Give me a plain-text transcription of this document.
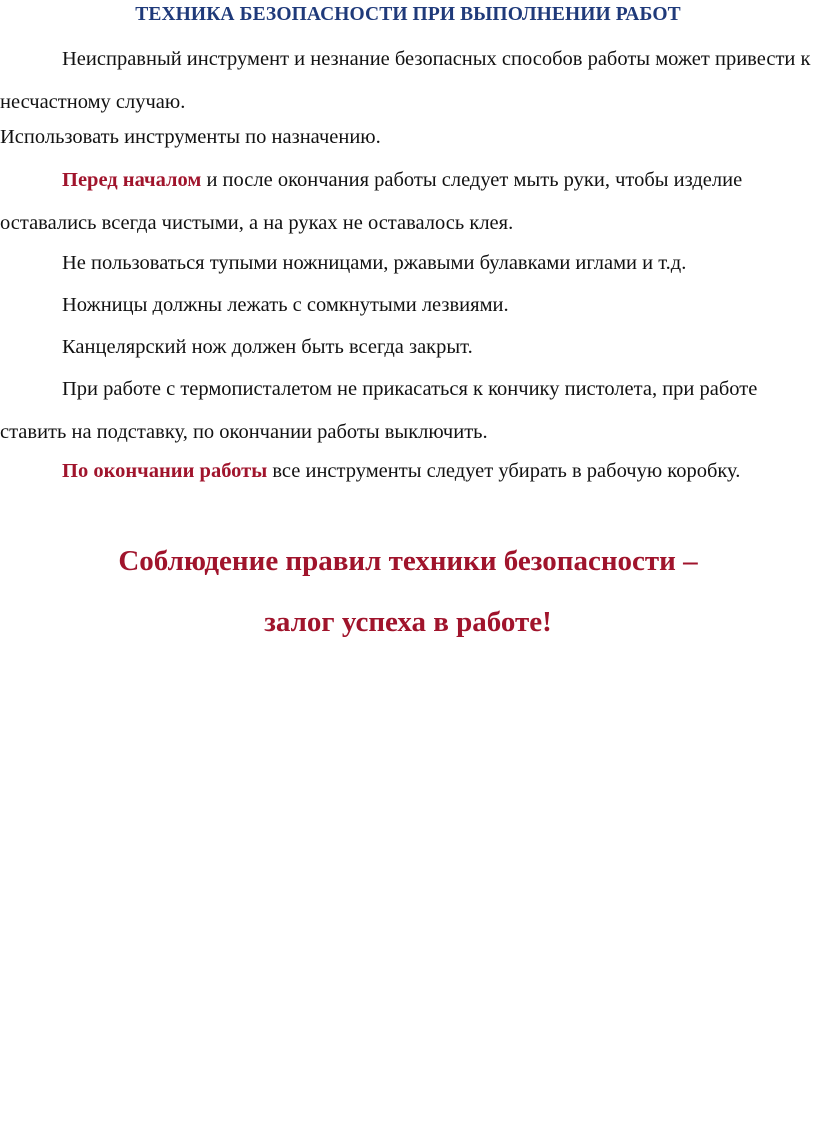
ТЕХНИКА БЕЗОПАСНОСТИ ПРИ ВЫПОЛНЕНИИ РАБОТ

Неисправный инструмент и незнание безопасных способов работы может привести к несчастному случаю.

Использовать инструменты по назначению.

Перед началом и после окончания работы следует мыть руки, чтобы изделие оставались всегда чистыми, а на руках не оставалось клея.

Не пользоваться тупыми ножницами, ржавыми булавками иглами и т.д.

Ножницы должны лежать с сомкнутыми лезвиями.

Канцелярский нож должен быть всегда закрыт.

При работе с термописталетом не прикасаться к кончику пистолета, при работе ставить на подставку, по окончании работы выключить.

По окончании работы все инструменты следует убирать в рабочую коробку.

Соблюдение правил техники безопасности –
залог успеха в работе!
